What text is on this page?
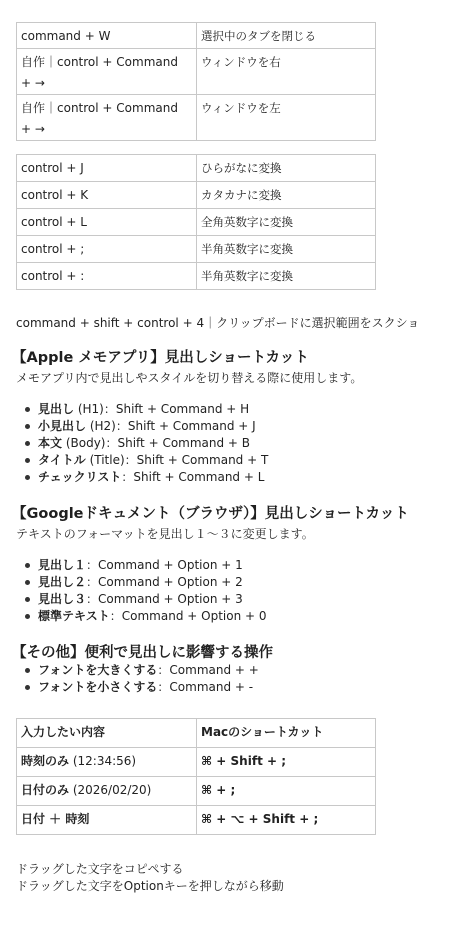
command + W	選択中のタブを閉じる
自作｜control + Command + →	ウィンドウを右
自作｜control + Command + →	ウィンドウを左
control + J	ひらがなに変換
control + K	カタカナに変換
control + L	全角英数字に変換
control + ;	半角英数字に変換
control + :	半角英数字に変換
command + shift + control + 4｜クリップボードに選択範囲をスクショ
【Apple メモアプリ】見出しショートカット
メモアプリ内で見出しやスタイルを切り替える際に使用します。
見出し (H1)：Shift + Command + H
小見出し (H2)：Shift + Command + J
本文 (Body)：Shift + Command + B
タイトル (Title)：Shift + Command + T
チェックリスト：Shift + Command + L
【Googleドキュメント（ブラウザ）】見出しショートカット
テキストのフォーマットを見出し１〜３に変更します。
見出し１：Command + Option + 1
見出し２：Command + Option + 2
見出し３：Command + Option + 3
標準テキスト：Command + Option + 0
【その他】便利で見出しに影響する操作
フォントを大きくする：Command + +
フォントを小さくする：Command + -
入力したい内容	Macのショートカット
時刻のみ (12:34:56)	⌘ + Shift + ;
日付のみ (2026/02/20)	⌘ + ;
日付 ＋ 時刻	⌘ + ⌥ + Shift + ;
ドラッグした文字をコピペする
ドラッグした文字をOptionキーを押しながら移動
